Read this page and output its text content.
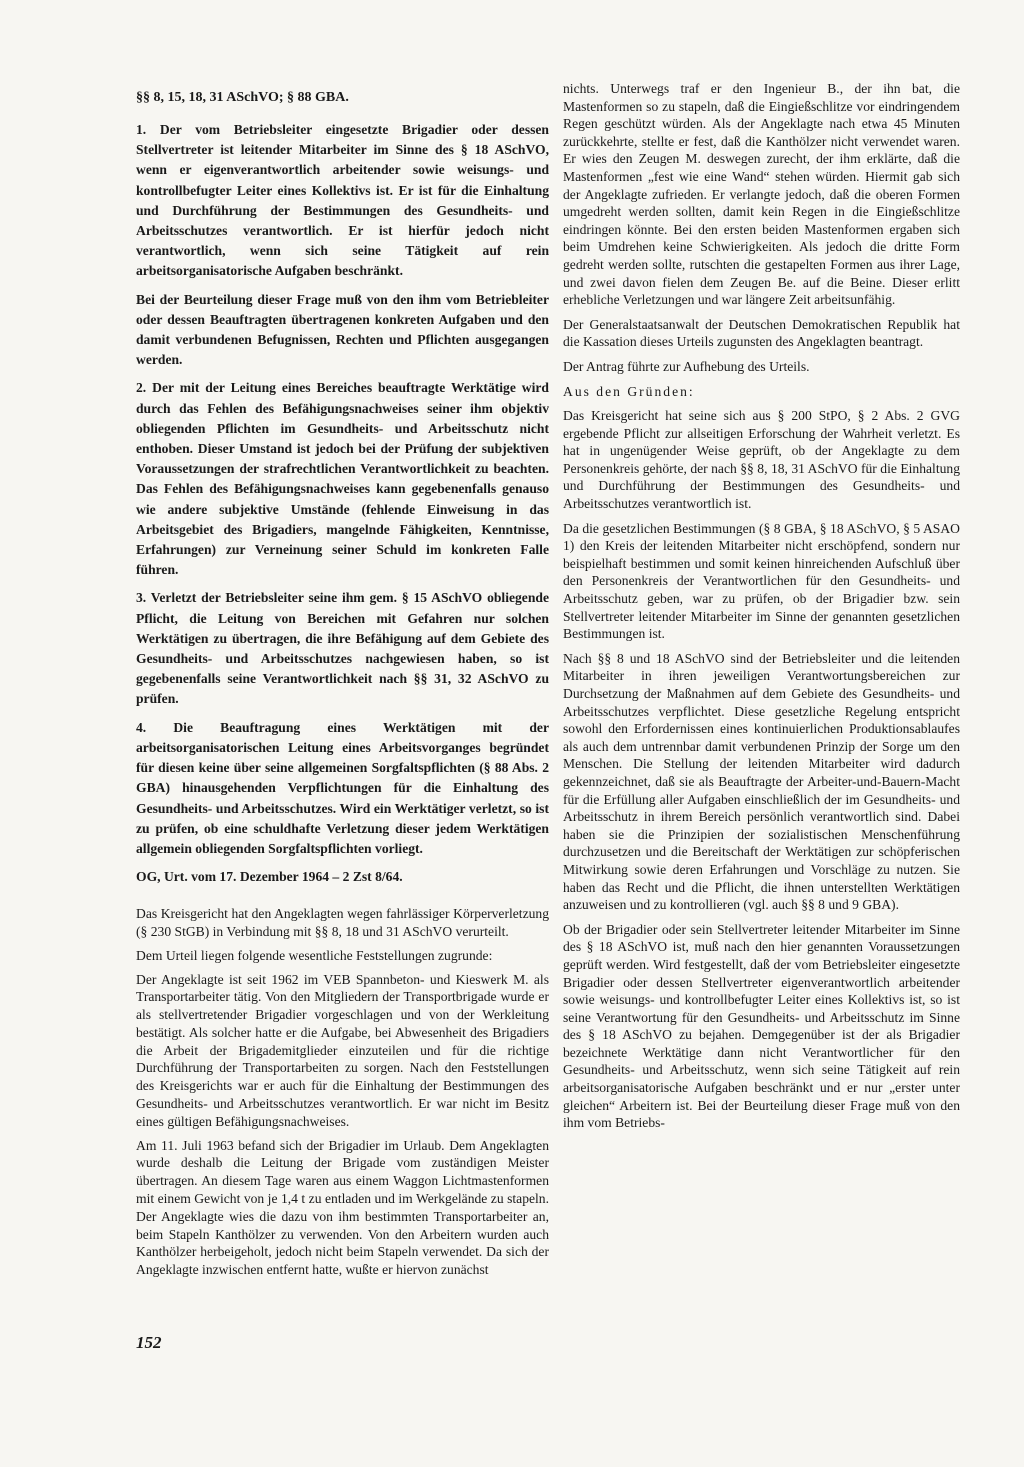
§§ 8, 15, 18, 31 ASchVO; § 88 GBA.

1. Der vom Betriebsleiter eingesetzte Brigadier oder dessen Stellvertreter ist leitender Mitarbeiter im Sinne des § 18 ASchVO, wenn er eigenverantwortlich arbeitender sowie weisungs- und kontrollbefugter Leiter eines Kollektivs ist. Er ist für die Einhaltung und Durchführung der Bestimmungen des Gesundheits- und Arbeitsschutzes verantwortlich. Er ist hierfür jedoch nicht verantwortlich, wenn sich seine Tätigkeit auf rein arbeitsorganisatorische Aufgaben beschränkt.

Bei der Beurteilung dieser Frage muß von den ihm vom Betriebleiter oder dessen Beauftragten übertragenen konkreten Aufgaben und den damit verbundenen Befugnissen, Rechten und Pflichten ausgegangen werden.

2. Der mit der Leitung eines Bereiches beauftragte Werktätige wird durch das Fehlen des Befähigungsnachweises seiner ihm objektiv obliegenden Pflichten im Gesundheits- und Arbeitsschutz nicht enthoben. Dieser Umstand ist jedoch bei der Prüfung der subjektiven Voraussetzungen der strafrechtlichen Verantwortlichkeit zu beachten. Das Fehlen des Befähigungsnachweises kann gegebenenfalls genauso wie andere subjektive Umstände (fehlende Einweisung in das Arbeitsgebiet des Brigadiers, mangelnde Fähigkeiten, Kenntnisse, Erfahrungen) zur Verneinung seiner Schuld im konkreten Falle führen.

3. Verletzt der Betriebsleiter seine ihm gem. § 15 ASchVO obliegende Pflicht, die Leitung von Bereichen mit Gefahren nur solchen Werktätigen zu übertragen, die ihre Befähigung auf dem Gebiete des Gesundheits- und Arbeitsschutzes nachgewiesen haben, so ist gegebenenfalls seine Verantwortlichkeit nach §§ 31, 32 ASchVO zu prüfen.

4. Die Beauftragung eines Werktätigen mit der arbeitsorganisatorischen Leitung eines Arbeitsvorganges begründet für diesen keine über seine allgemeinen Sorgfaltspflichten (§ 88 Abs. 2 GBA) hinausgehenden Verpflichtungen für die Einhaltung des Gesundheits- und Arbeitsschutzes. Wird ein Werktätiger verletzt, so ist zu prüfen, ob eine schuldhafte Verletzung dieser jedem Werktätigen allgemein obliegenden Sorgfaltspflichten vorliegt.

OG, Urt. vom 17. Dezember 1964 – 2 Zst 8/64.

Das Kreisgericht hat den Angeklagten wegen fahrlässiger Körperverletzung (§ 230 StGB) in Verbindung mit §§ 8, 18 und 31 ASchVO verurteilt.

Dem Urteil liegen folgende wesentliche Feststellungen zugrunde:

Der Angeklagte ist seit 1962 im VEB Spannbeton- und Kieswerk M. als Transportarbeiter tätig. Von den Mitgliedern der Transportbrigade wurde er als stellvertretender Brigadier vorgeschlagen und von der Werkleitung bestätigt. Als solcher hatte er die Aufgabe, bei Abwesenheit des Brigadiers die Arbeit der Brigademitglieder einzuteilen und für die richtige Durchführung der Transportarbeiten zu sorgen. Nach den Feststellungen des Kreisgerichts war er auch für die Einhaltung der Bestimmungen des Gesundheits- und Arbeitsschutzes verantwortlich. Er war nicht im Besitz eines gültigen Befähigungsnachweises.

Am 11. Juli 1963 befand sich der Brigadier im Urlaub. Dem Angeklagten wurde deshalb die Leitung der Brigade vom zuständigen Meister übertragen. An diesem Tage waren aus einem Waggon Lichtmastenformen mit einem Gewicht von je 1,4 t zu entladen und im Werkgelände zu stapeln. Der Angeklagte wies die dazu von ihm bestimmten Transportarbeiter an, beim Stapeln Kanthölzer zu verwenden. Von den Arbeitern wurden auch Kanthölzer herbeigeholt, jedoch nicht beim Stapeln verwendet. Da sich der Angeklagte inzwischen entfernt hatte, wußte er hiervon zunächst

nichts. Unterwegs traf er den Ingenieur B., der ihn bat, die Mastenformen so zu stapeln, daß die Eingießschlitze vor eindringendem Regen geschützt würden. Als der Angeklagte nach etwa 45 Minuten zurückkehrte, stellte er fest, daß die Kanthölzer nicht verwendet waren. Er wies den Zeugen M. deswegen zurecht, der ihm erklärte, daß die Mastenformen „fest wie eine Wand“ stehen würden. Hiermit gab sich der Angeklagte zufrieden. Er verlangte jedoch, daß die oberen Formen umgedreht werden sollten, damit kein Regen in die Eingießschlitze eindringen könnte. Bei den ersten beiden Mastenformen ergaben sich beim Umdrehen keine Schwierigkeiten. Als jedoch die dritte Form gedreht werden sollte, rutschten die gestapelten Formen aus ihrer Lage, und zwei davon fielen dem Zeugen Be. auf die Beine. Dieser erlitt erhebliche Verletzungen und war längere Zeit arbeitsunfähig.

Der Generalstaatsanwalt der Deutschen Demokratischen Republik hat die Kassation dieses Urteils zugunsten des Angeklagten beantragt.

Der Antrag führte zur Aufhebung des Urteils.

Aus den Gründen:

Das Kreisgericht hat seine sich aus § 200 StPO, § 2 Abs. 2 GVG ergebende Pflicht zur allseitigen Erforschung der Wahrheit verletzt. Es hat in ungenügender Weise geprüft, ob der Angeklagte zu dem Personenkreis gehörte, der nach §§ 8, 18, 31 ASchVO für die Einhaltung und Durchführung der Bestimmungen des Gesundheits- und Arbeitsschutzes verantwortlich ist.

Da die gesetzlichen Bestimmungen (§ 8 GBA, § 18 ASchVO, § 5 ASAO 1) den Kreis der leitenden Mitarbeiter nicht erschöpfend, sondern nur beispielhaft bestimmen und somit keinen hinreichenden Aufschluß über den Personenkreis der Verantwortlichen für den Gesundheits- und Arbeitsschutz geben, war zu prüfen, ob der Brigadier bzw. sein Stellvertreter leitender Mitarbeiter im Sinne der genannten gesetzlichen Bestimmungen ist.

Nach §§ 8 und 18 ASchVO sind der Betriebsleiter und die leitenden Mitarbeiter in ihren jeweiligen Verantwortungsbereichen zur Durchsetzung der Maßnahmen auf dem Gebiete des Gesundheits- und Arbeitsschutzes verpflichtet. Diese gesetzliche Regelung entspricht sowohl den Erfordernissen eines kontinuierlichen Produktionsablaufes als auch dem untrennbar damit verbundenen Prinzip der Sorge um den Menschen. Die Stellung der leitenden Mitarbeiter wird dadurch gekennzeichnet, daß sie als Beauftragte der Arbeiter-und-Bauern-Macht für die Erfüllung aller Aufgaben einschließlich der im Gesundheits- und Arbeitsschutz in ihrem Bereich persönlich verantwortlich sind. Dabei haben sie die Prinzipien der sozialistischen Menschenführung durchzusetzen und die Bereitschaft der Werktätigen zur schöpferischen Mitwirkung sowie deren Erfahrungen und Vorschläge zu nutzen. Sie haben das Recht und die Pflicht, die ihnen unterstellten Werktätigen anzuweisen und zu kontrollieren (vgl. auch §§ 8 und 9 GBA).

Ob der Brigadier oder sein Stellvertreter leitender Mitarbeiter im Sinne des § 18 ASchVO ist, muß nach den hier genannten Voraussetzungen geprüft werden. Wird festgestellt, daß der vom Betriebsleiter eingesetzte Brigadier oder dessen Stellvertreter eigenverantwortlich arbeitender sowie weisungs- und kontrollbefugter Leiter eines Kollektivs ist, so ist seine Verantwortung für den Gesundheits- und Arbeitsschutz im Sinne des § 18 ASchVO zu bejahen. Demgegenüber ist der als Brigadier bezeichnete Werktätige dann nicht Verantwortlicher für den Gesundheits- und Arbeitsschutz, wenn sich seine Tätigkeit auf rein arbeitsorganisatorische Aufgaben beschränkt und er nur „erster unter gleichen“ Arbeitern ist. Bei der Beurteilung dieser Frage muß von den ihm vom Betriebs-

152
